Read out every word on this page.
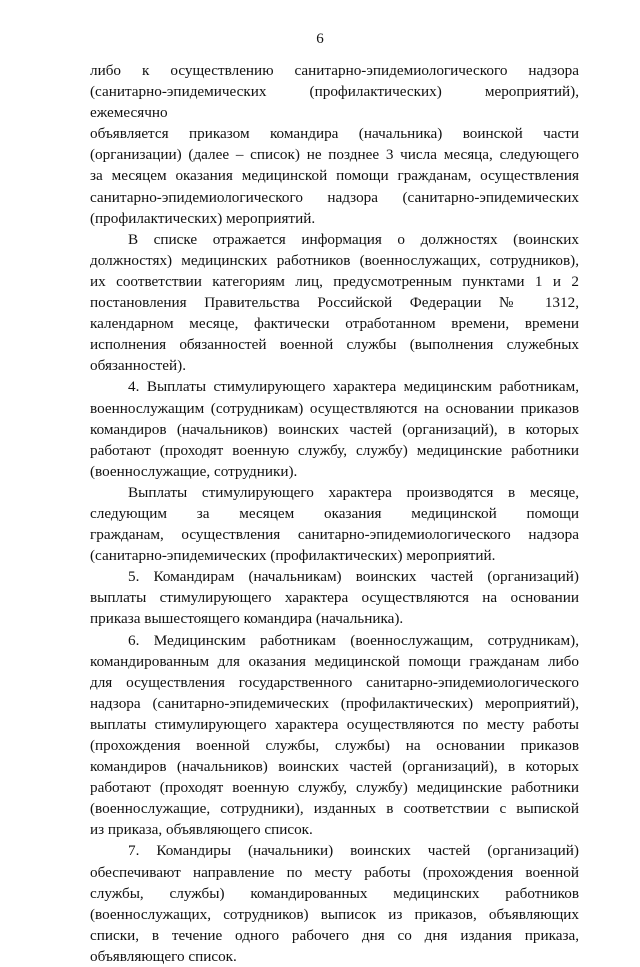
6

либо к осуществлению санитарно-эпидемиологического надзора

(санитарно-эпидемических (профилактических) мероприятий), ежемесячно

объявляется приказом командира (начальника) воинской части

(организации) (далее – список) не позднее 3 числа месяца, следующего

за месяцем оказания медицинской помощи гражданам, осуществления

санитарно-эпидемиологического надзора (санитарно-эпидемических

(профилактических) мероприятий.

В списке отражается информация о должностях (воинских

должностях) медицинских работников (военнослужащих, сотрудников),

их соответствии категориям лиц, предусмотренным пунктами 1 и 2

постановления Правительства Российской Федерации № 1312,

календарном месяце, фактически отработанном времени, времени

исполнения обязанностей военной службы (выполнения служебных

обязанностей).

4. Выплаты стимулирующего характера медицинским работникам,

военнослужащим (сотрудникам) осуществляются на основании приказов

командиров (начальников) воинских частей (организаций), в которых

работают (проходят военную службу, службу) медицинские работники

(военнослужащие, сотрудники).

Выплаты стимулирующего характера производятся в месяце,

следующим за месяцем оказания медицинской помощи

гражданам, осуществления санитарно-эпидемиологического надзора

(санитарно-эпидемических (профилактических) мероприятий.

5. Командирам (начальникам) воинских частей (организаций)

выплаты стимулирующего характера осуществляются на основании

приказа вышестоящего командира (начальника).

6. Медицинским работникам (военнослужащим, сотрудникам),

командированным для оказания медицинской помощи гражданам либо

для осуществления государственного санитарно-эпидемиологического

надзора (санитарно-эпидемических (профилактических) мероприятий),

выплаты стимулирующего характера осуществляются по месту работы

(прохождения военной службы, службы) на основании приказов

командиров (начальников) воинских частей (организаций), в которых

работают (проходят военную службу, службу) медицинские работники

(военнослужащие, сотрудники), изданных в соответствии с выпиской

из приказа, объявляющего список.

7. Командиры (начальники) воинских частей (организаций)

обеспечивают направление по месту работы (прохождения военной

службы, службы) командированных медицинских работников

(военнослужащих, сотрудников) выписок из приказов, объявляющих

списки, в течение одного рабочего дня со дня издания приказа,

объявляющего список.
